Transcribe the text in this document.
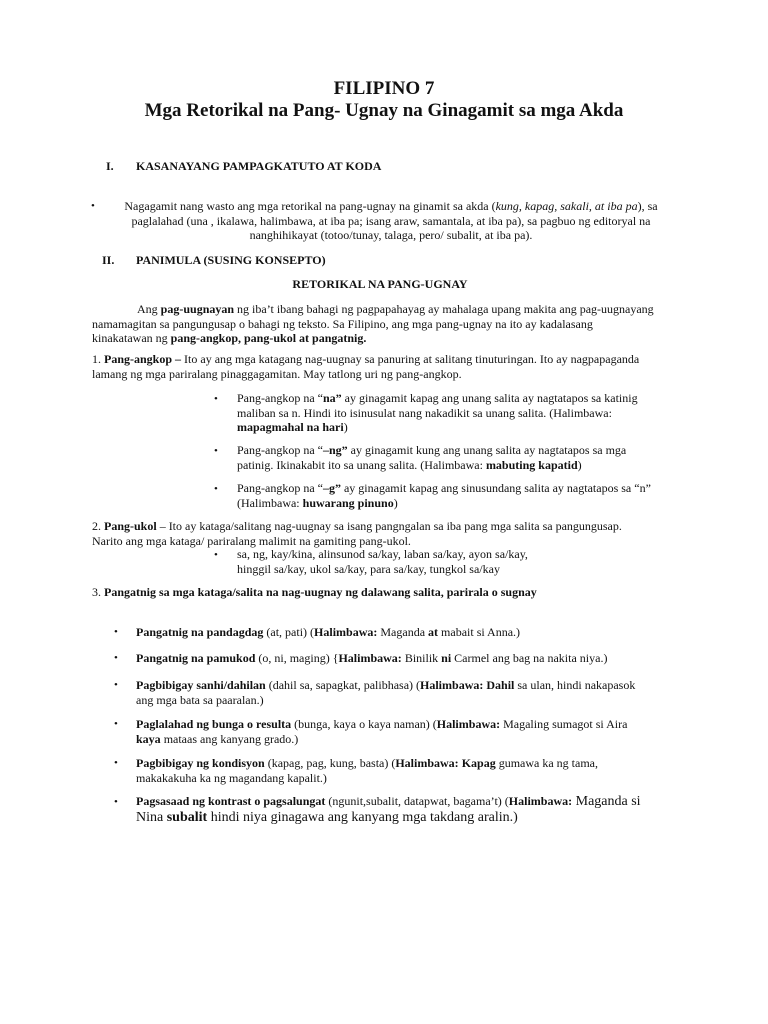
FILIPINO 7
Mga Retorikal na Pang- Ugnay na Ginagamit sa mga Akda
I. KASANAYANG PAMPAGKATUTO AT KODA
•	Nagagamit nang wasto ang mga retorikal na pang-ugnay na ginamit sa akda (kung, kapag, sakali, at iba pa), sa
paglalahad (una , ikalawa, halimbawa, at iba pa; isang araw, samantala, at iba pa), sa pagbuo ng editoryal na
nanghihikayat (totoo/tunay, talaga, pero/ subalit, at iba pa).
II. PANIMULA (SUSING KONSEPTO)
RETORIKAL NA PANG-UGNAY
Ang pag-uugnayan ng iba’t ibang bahagi ng pagpapahayag ay mahalaga upang makita ang pag-uugnayang
namamagitan sa pangungusap o bahagi ng teksto. Sa Filipino, ang mga pang-ugnay na ito ay kadalasang
kinakatawan ng pang-angkop, pang-ukol at pangatnig.
1. Pang-angkop – Ito ay ang mga katagang nag-uugnay sa panuring at salitang tinuturingan. Ito ay nagpapaganda
lamang ng mga pariralang pinaggagamitan. May tatlong uri ng pang-angkop.
• Pang-angkop na “na” ay ginagamit kapag ang unang salita ay nagtatapos sa katinig
maliban sa n. Hindi ito isinusulat nang nakadikit sa unang salita. (Halimbawa:
mapagmahal na hari)
• Pang-angkop na “–ng” ay ginagamit kung ang unang salita ay nagtatapos sa mga
patinig. Ikinakabit ito sa unang salita. (Halimbawa: mabuting kapatid)
• Pang-angkop na “–g” ay ginagamit kapag ang sinusundang salita ay nagtatapos sa “n”
(Halimbawa: huwarang pinuno)
2. Pang-ukol – Ito ay kataga/salitang nag-uugnay sa isang pangngalan sa iba pang mga salita sa pangungusap.
Narito ang mga kataga/ pariralang malimit na gamiting pang-ukol.
• sa, ng, kay/kina, alinsunod sa/kay, laban sa/kay, ayon sa/kay,
hinggil sa/kay, ukol sa/kay, para sa/kay, tungkol sa/kay
3. Pangatnig sa mga kataga/salita na nag-uugnay ng dalawang salita, parirala o sugnay
• Pangatnig na pandagdag (at, pati) (Halimbawa: Maganda at mabait si Anna.)
• Pangatnig na pamukod (o, ni, maging) {Halimbawa: Binilik ni Carmel ang bag na nakita niya.)
• Pagbibigay sanhi/dahilan (dahil sa, sapagkat, palibhasa) (Halimbawa: Dahil sa ulan, hindi nakapasok
ang mga bata sa paaralan.)
• Paglalahad ng bunga o resulta (bunga, kaya o kaya naman) (Halimbawa: Magaling sumagot si Aira
kaya mataas ang kanyang grado.)
• Pagbibigay ng kondisyon (kapag, pag, kung, basta) (Halimbawa: Kapag gumawa ka ng tama,
makakakuha ka ng magandang kapalit.)
• Pagsasaad ng kontrast o pagsalungat (ngunit,subalit, datapwat, bagama’t) (Halimbawa: Maganda si
Nina subalit hindi niya ginagawa ang kanyang mga takdang aralin.)
